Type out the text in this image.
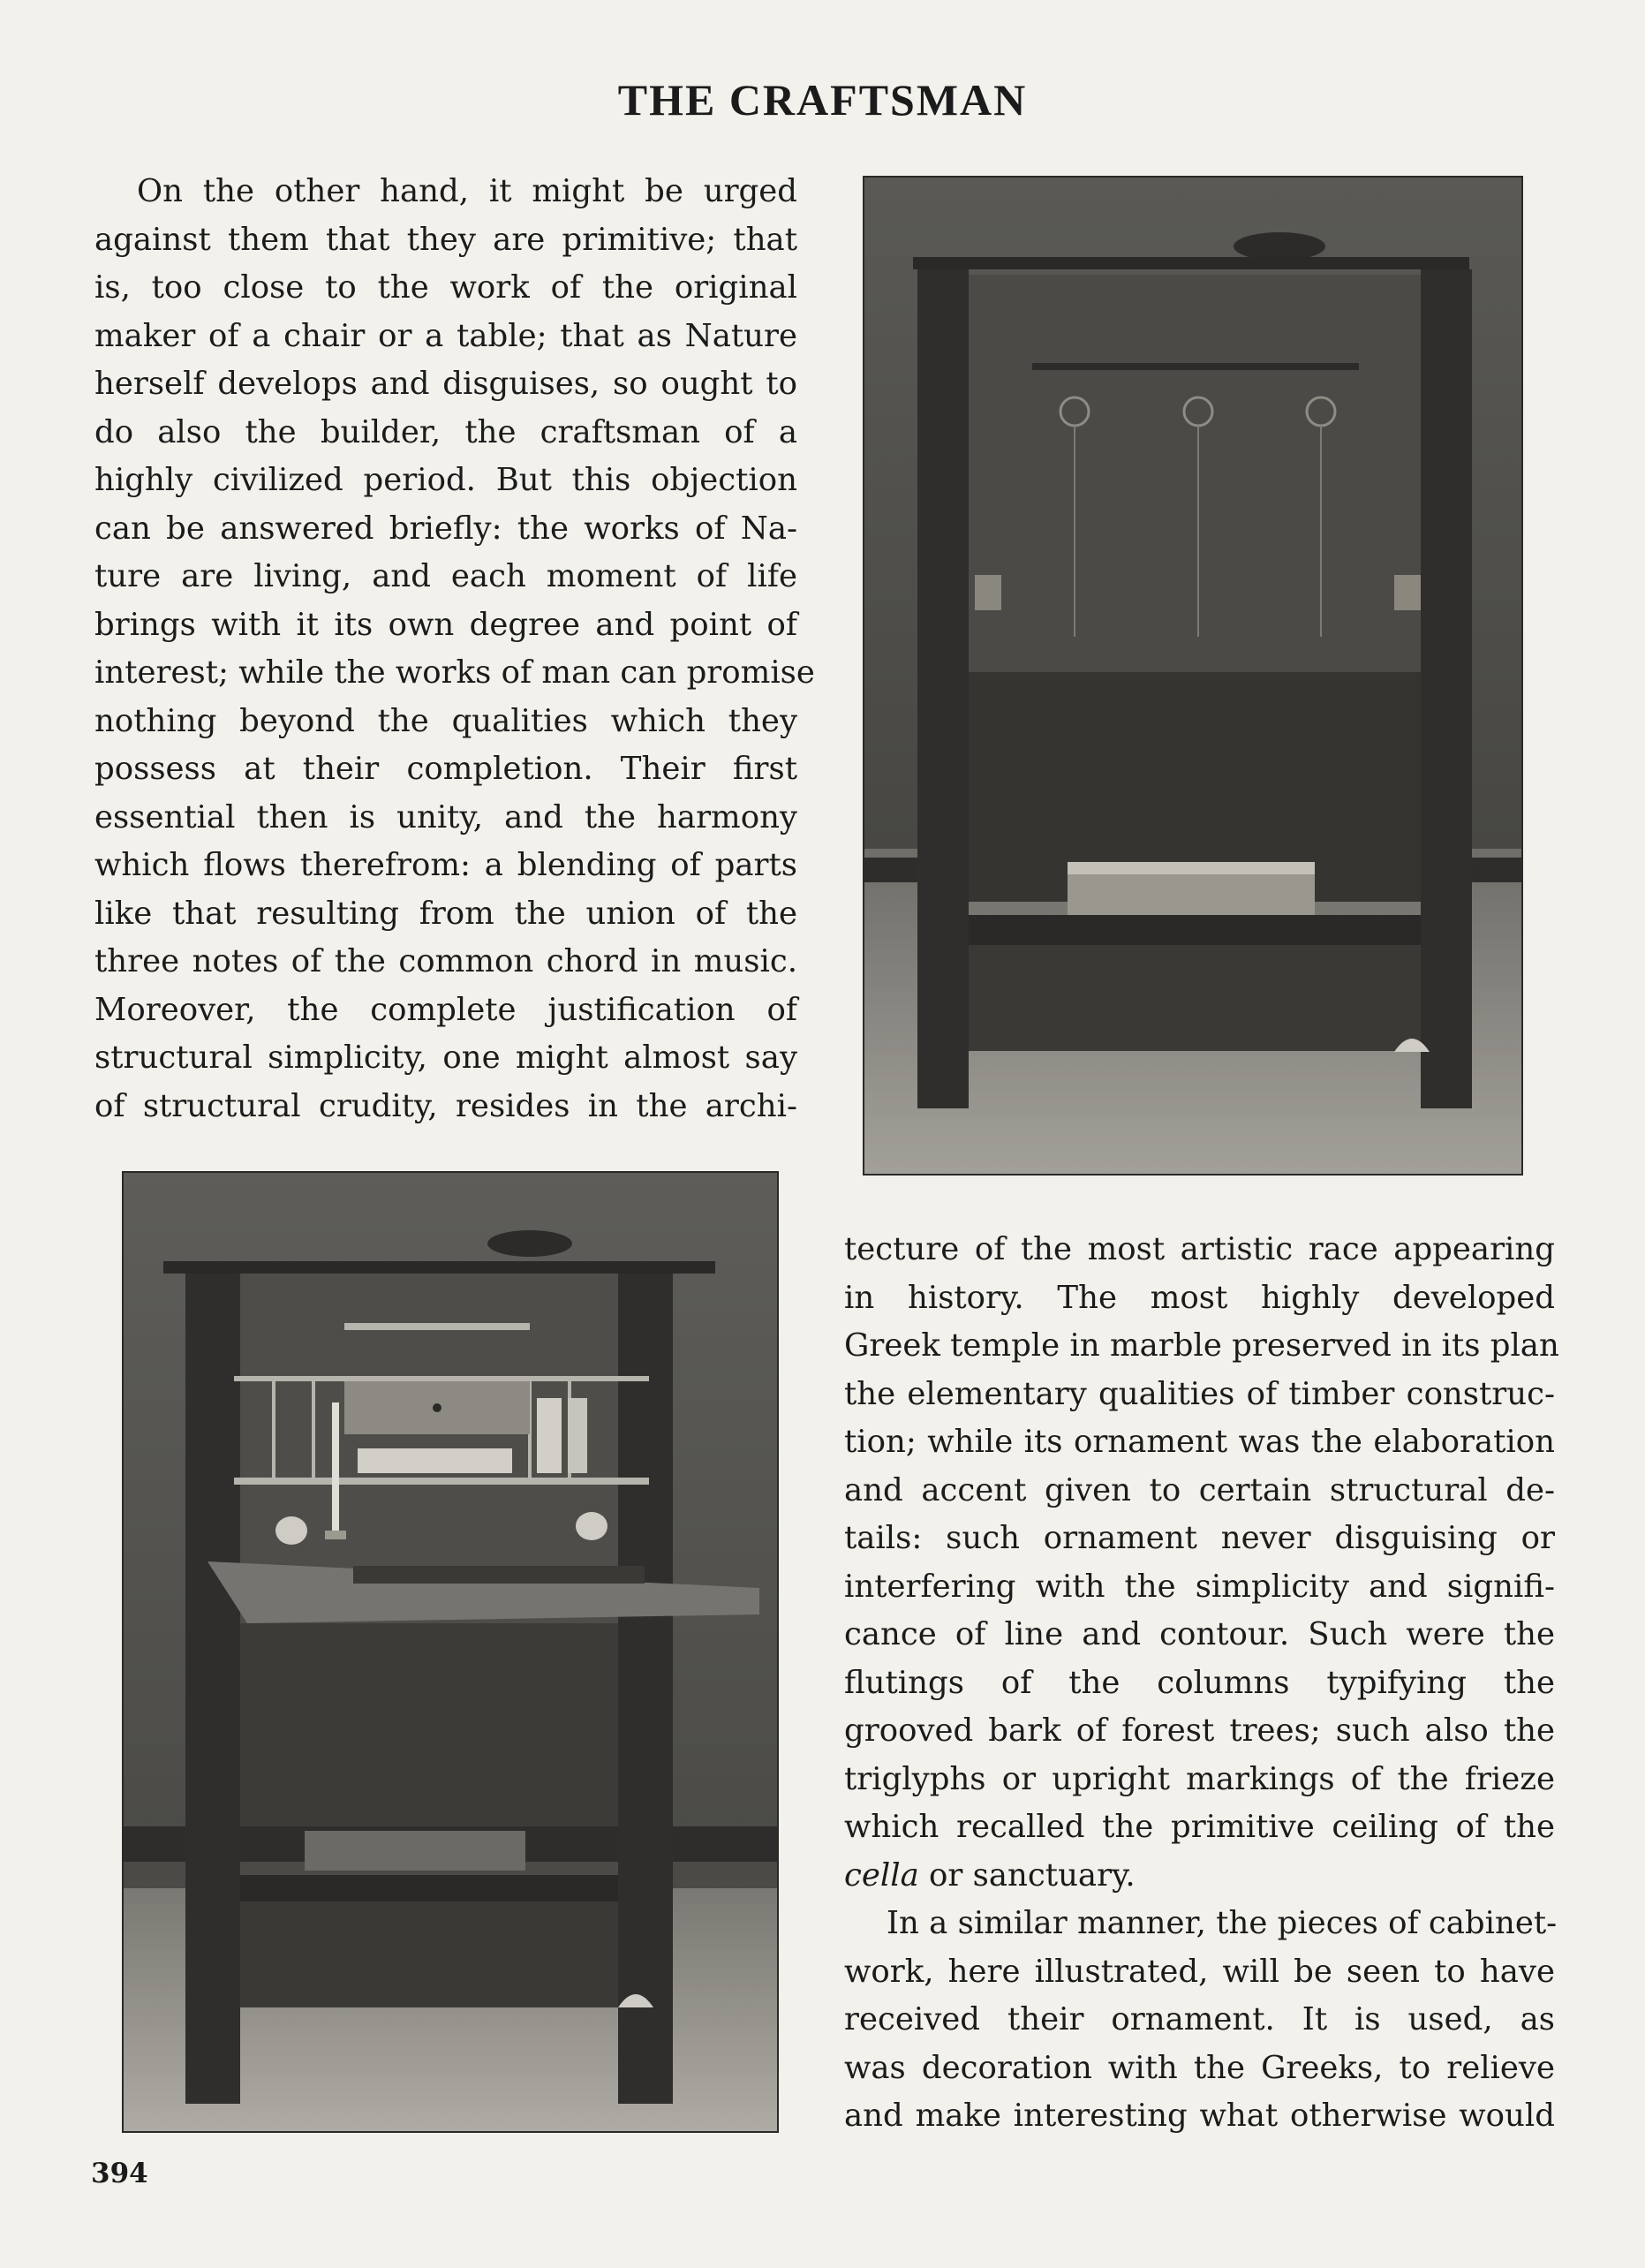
THE CRAFTSMAN

On the other hand, it might be urged
against them that they are primitive; that
is, too close to the work of the original
maker of a chair or a table; that as Nature
herself develops and disguises, so ought to
do also the builder, the craftsman of a
highly civilized period. But this objection
can be answered briefly: the works of Na-
ture are living, and each moment of life
brings with it its own degree and point of
interest; while the works of man can promise
nothing beyond the qualities which they
possess at their completion. Their first
essential then is unity, and the harmony
which flows therefrom: a blending of parts
like that resulting from the union of the
three notes of the common chord in music.
Moreover, the complete justification of
structural simplicity, one might almost say
of structural crudity, resides in the archi-

tecture of the most artistic race appearing
in history. The most highly developed
Greek temple in marble preserved in its plan
the elementary qualities of timber construc-
tion; while its ornament was the elaboration
and accent given to certain structural de-
tails: such ornament never disguising or
interfering with the simplicity and signifi-
cance of line and contour. Such were the
flutings of the columns typifying the
grooved bark of forest trees; such also the
triglyphs or upright markings of the frieze
which recalled the primitive ceiling of the
cella or sanctuary.

In a similar manner, the pieces of cabinet-
work, here illustrated, will be seen to have
received their ornament. It is used, as
was decoration with the Greeks, to relieve
and make interesting what otherwise would

394
